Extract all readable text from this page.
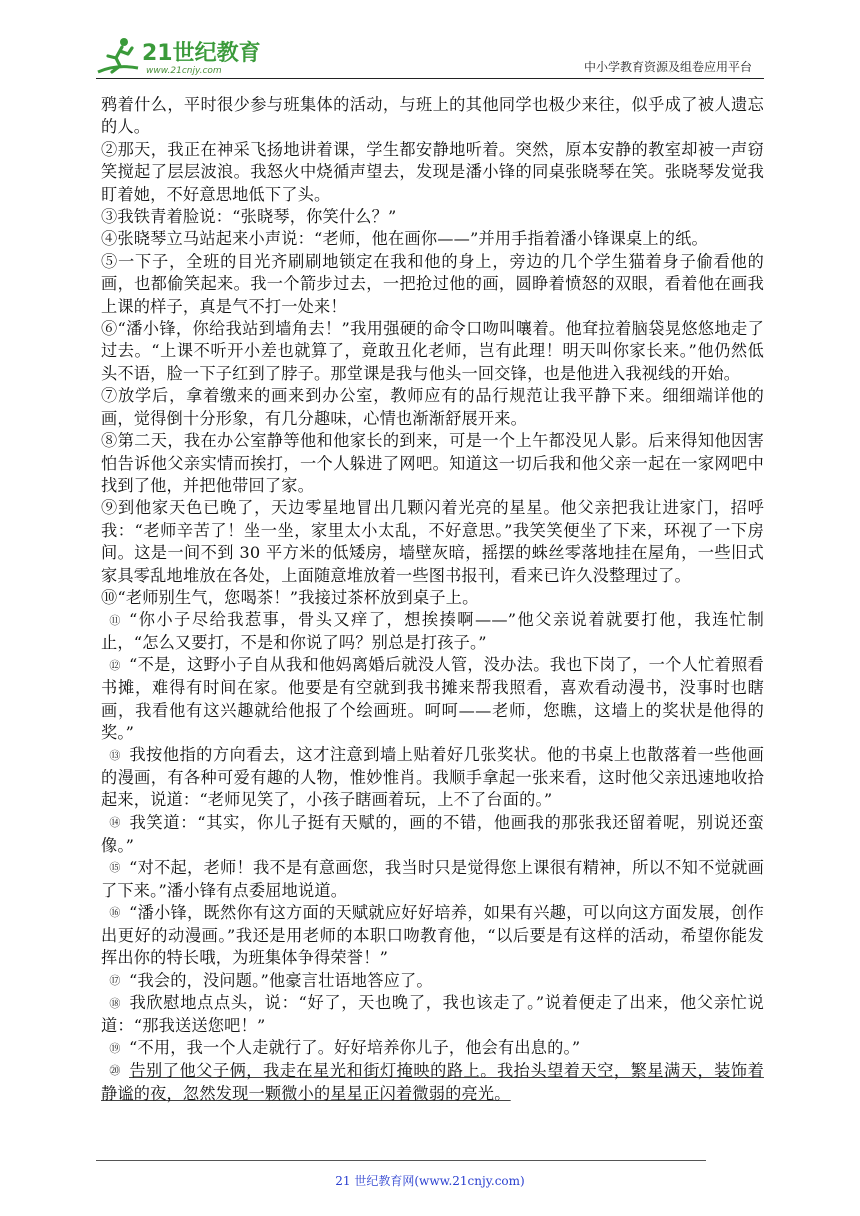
21世纪教育
www.21cnjy.com	中小学教育资源及组卷应用平台

鸦着什么，平时很少参与班集体的活动，与班上的其他同学也极少来往，似乎成了被人遗忘的人。

②那天，我正在神采飞扬地讲着课，学生都安静地听着。突然，原本安静的教室却被一声窃笑搅起了层层波浪。我怒火中烧循声望去，发现是潘小锋的同桌张晓琴在笑。张晓琴发觉我盯着她，不好意思地低下了头。

③我铁青着脸说：“张晓琴，你笑什么？”

④张晓琴立马站起来小声说：“老师，他在画你——”并用手指着潘小锋课桌上的纸。

⑤一下子，全班的目光齐刷刷地锁定在我和他的身上，旁边的几个学生猫着身子偷看他的画，也都偷笑起来。我一个箭步过去，一把抢过他的画，圆睁着愤怒的双眼，看着他在画我上课的样子，真是气不打一处来！

⑥“潘小锋，你给我站到墙角去！”我用强硬的命令口吻叫嚷着。他耷拉着脑袋晃悠悠地走了过去。“上课不听开小差也就算了，竟敢丑化老师，岂有此理！明天叫你家长来。”他仍然低头不语，脸一下子红到了脖子。那堂课是我与他头一回交锋，也是他进入我视线的开始。

⑦放学后，拿着缴来的画来到办公室，教师应有的品行规范让我平静下来。细细端详他的画，觉得倒十分形象，有几分趣味，心情也渐渐舒展开来。

⑧第二天，我在办公室静等他和他家长的到来，可是一个上午都没见人影。后来得知他因害怕告诉他父亲实情而挨打，一个人躲进了网吧。知道这一切后我和他父亲一起在一家网吧中找到了他，并把他带回了家。

⑨到他家天色已晚了，天边零星地冒出几颗闪着光亮的星星。他父亲把我让进家门，招呼我：“老师辛苦了！坐一坐，家里太小太乱，不好意思。”我笑笑便坐了下来，环视了一下房间。这是一间不到 30 平方米的低矮房，墙壁灰暗，摇摆的蛛丝零落地挂在屋角，一些旧式家具零乱地堆放在各处，上面随意堆放着一些图书报刊，看来已许久没整理过了。

⑩“老师别生气，您喝茶！”我接过茶杯放到桌子上。

⑪ “你小子尽给我惹事，骨头又痒了，想挨揍啊——”他父亲说着就要打他，我连忙制止，“怎么又要打，不是和你说了吗？别总是打孩子。”

⑫ “不是，这野小子自从我和他妈离婚后就没人管，没办法。我也下岗了，一个人忙着照看书摊，难得有时间在家。他要是有空就到我书摊来帮我照看，喜欢看动漫书，没事时也瞎画，我看他有这兴趣就给他报了个绘画班。呵呵——老师，您瞧，这墙上的奖状是他得的奖。”

⑬ 我按他指的方向看去，这才注意到墙上贴着好几张奖状。他的书桌上也散落着一些他画的漫画，有各种可爱有趣的人物，惟妙惟肖。我顺手拿起一张来看，这时他父亲迅速地收拾起来，说道：“老师见笑了，小孩子瞎画着玩，上不了台面的。”

⑭ 我笑道：“其实，你儿子挺有天赋的，画的不错，他画我的那张我还留着呢，别说还蛮像。”

⑮ “对不起，老师！我不是有意画您，我当时只是觉得您上课很有精神，所以不知不觉就画了下来。”潘小锋有点委屈地说道。

⑯ “潘小锋，既然你有这方面的天赋就应好好培养，如果有兴趣，可以向这方面发展，创作出更好的动漫画。”我还是用老师的本职口吻教育他，“以后要是有这样的活动，希望你能发挥出你的特长哦，为班集体争得荣誉！”

⑰ “我会的，没问题。”他豪言壮语地答应了。

⑱ 我欣慰地点点头，说：“好了，天也晚了，我也该走了。”说着便走了出来，他父亲忙说道：“那我送送您吧！”

⑲ “不用，我一个人走就行了。好好培养你儿子，他会有出息的。”

⑳ 告别了他父子俩，我走在星光和街灯掩映的路上。我抬头望着天空，繁星满天，装饰着静谧的夜，忽然发现一颗微小的星星正闪着微弱的亮光。

21 世纪教育网(www.21cnjy.com)
